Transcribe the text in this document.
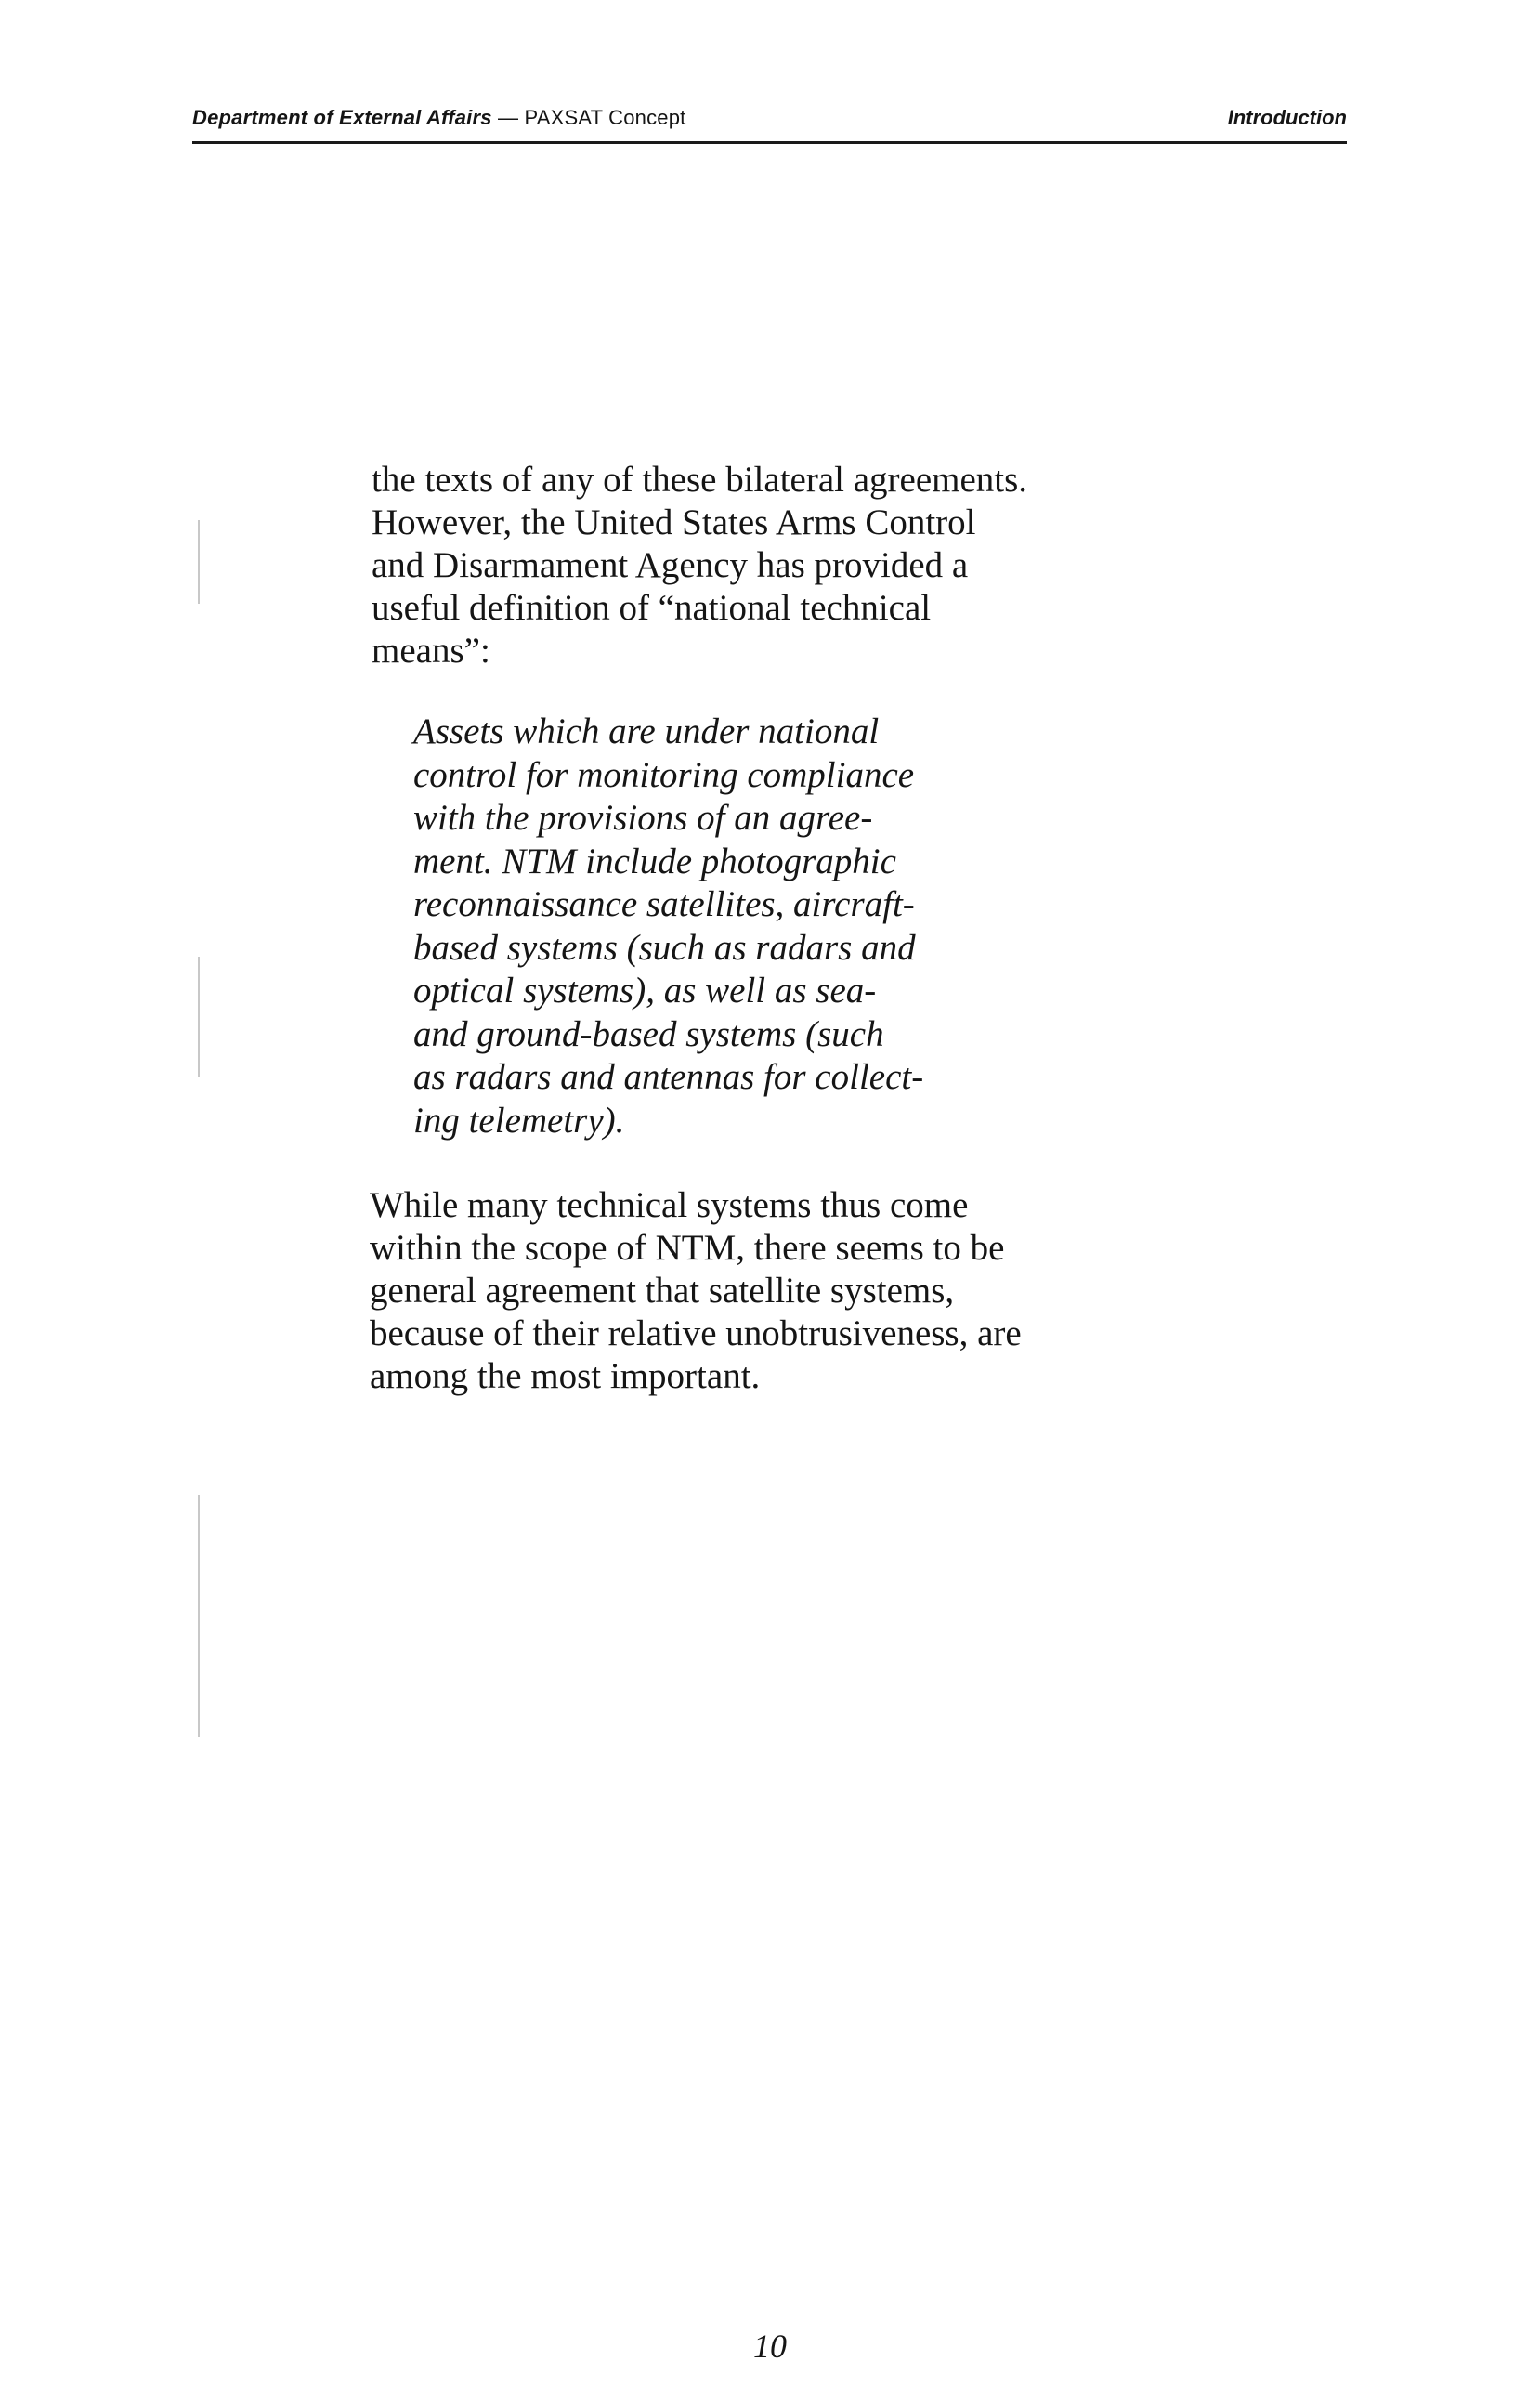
Department of External Affairs — PAXSAT Concept	Introduction

the texts of any of these bilateral agreements.
However, the United States Arms Control
and Disarmament Agency has provided a
useful definition of “national technical
means”:

Assets which are under national
control for monitoring compliance
with the provisions of an agree-
ment. NTM include photographic
reconnaissance satellites, aircraft-
based systems (such as radars and
optical systems), as well as sea-
and ground-based systems (such
as radars and antennas for collect-
ing telemetry).

While many technical systems thus come
within the scope of NTM, there seems to be
general agreement that satellite systems,
because of their relative unobtrusiveness, are
among the most important.

10
